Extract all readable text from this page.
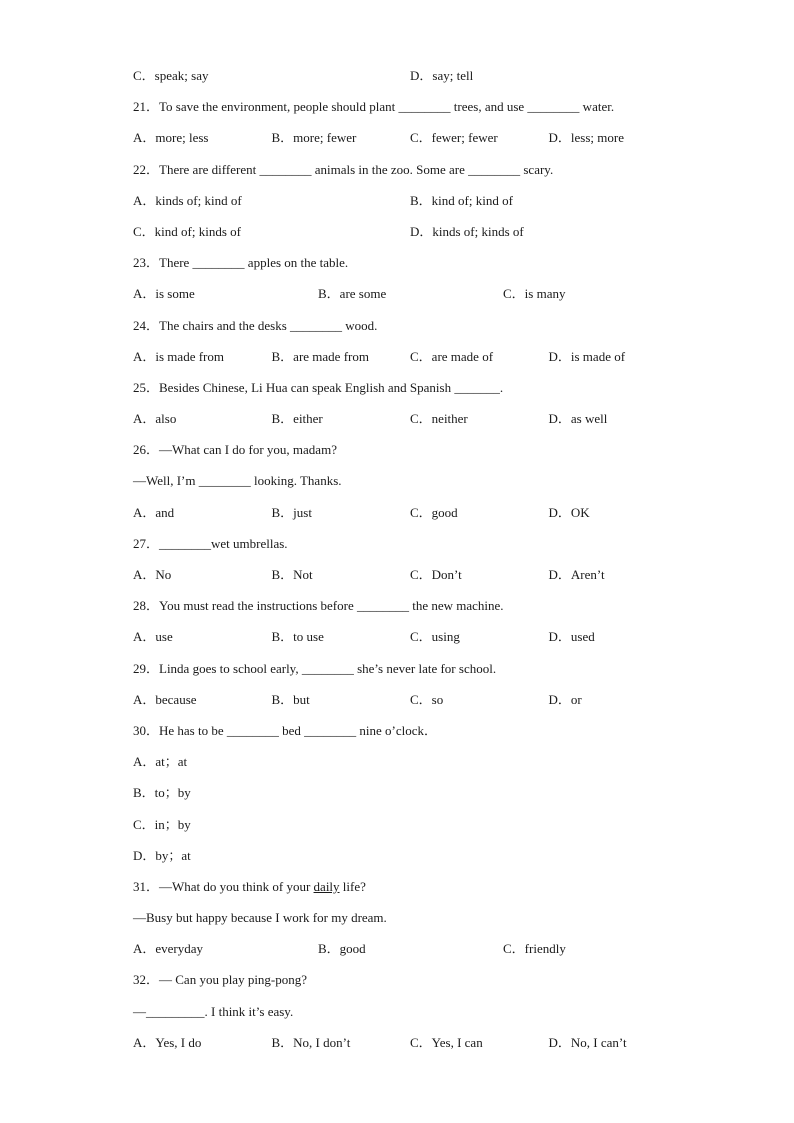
C．speak; say	D．say; tell
21．To save the environment, people should plant ________ trees, and use ________ water.
A．more; less	B．more; fewer	C．fewer; fewer	D．less; more
22．There are different ________ animals in the zoo. Some are ________ scary.
A．kinds of; kind of	B．kind of; kind of
C．kind of; kinds of	D．kinds of; kinds of
23．There ________ apples on the table.
A．is some	B．are some	C．is many
24．The chairs and the desks ________ wood.
A．is made from	B．are made from	C．are made of	D．is made of
25．Besides Chinese, Li Hua can speak English and Spanish _______.
A．also	B．either	C．neither	D．as well
26．—What can I do for you, madam?
—Well, I’m ________ looking. Thanks.
A．and	B．just	C．good	D．OK
27．________wet umbrellas.
A．No	B．Not	C．Don’t	D．Aren’t
28．You must read the instructions before ________ the new machine.
A．use	B．to use	C．using	D．used
29．Linda goes to school early, ________ she’s never late for school.
A．because	B．but	C．so	D．or
30．He has to be ________ bed ________ nine o’clock．
A．at；at
B．to；by
C．in；by
D．by；at
31．—What do you think of your daily life?
—Busy but happy because I work for my dream.
A．everyday	B．good	C．friendly
32．— Can you play ping-pong?
—_________. I think it’s easy.
A．Yes, I do	B．No, I don’t	C．Yes, I can	D．No, I can’t
